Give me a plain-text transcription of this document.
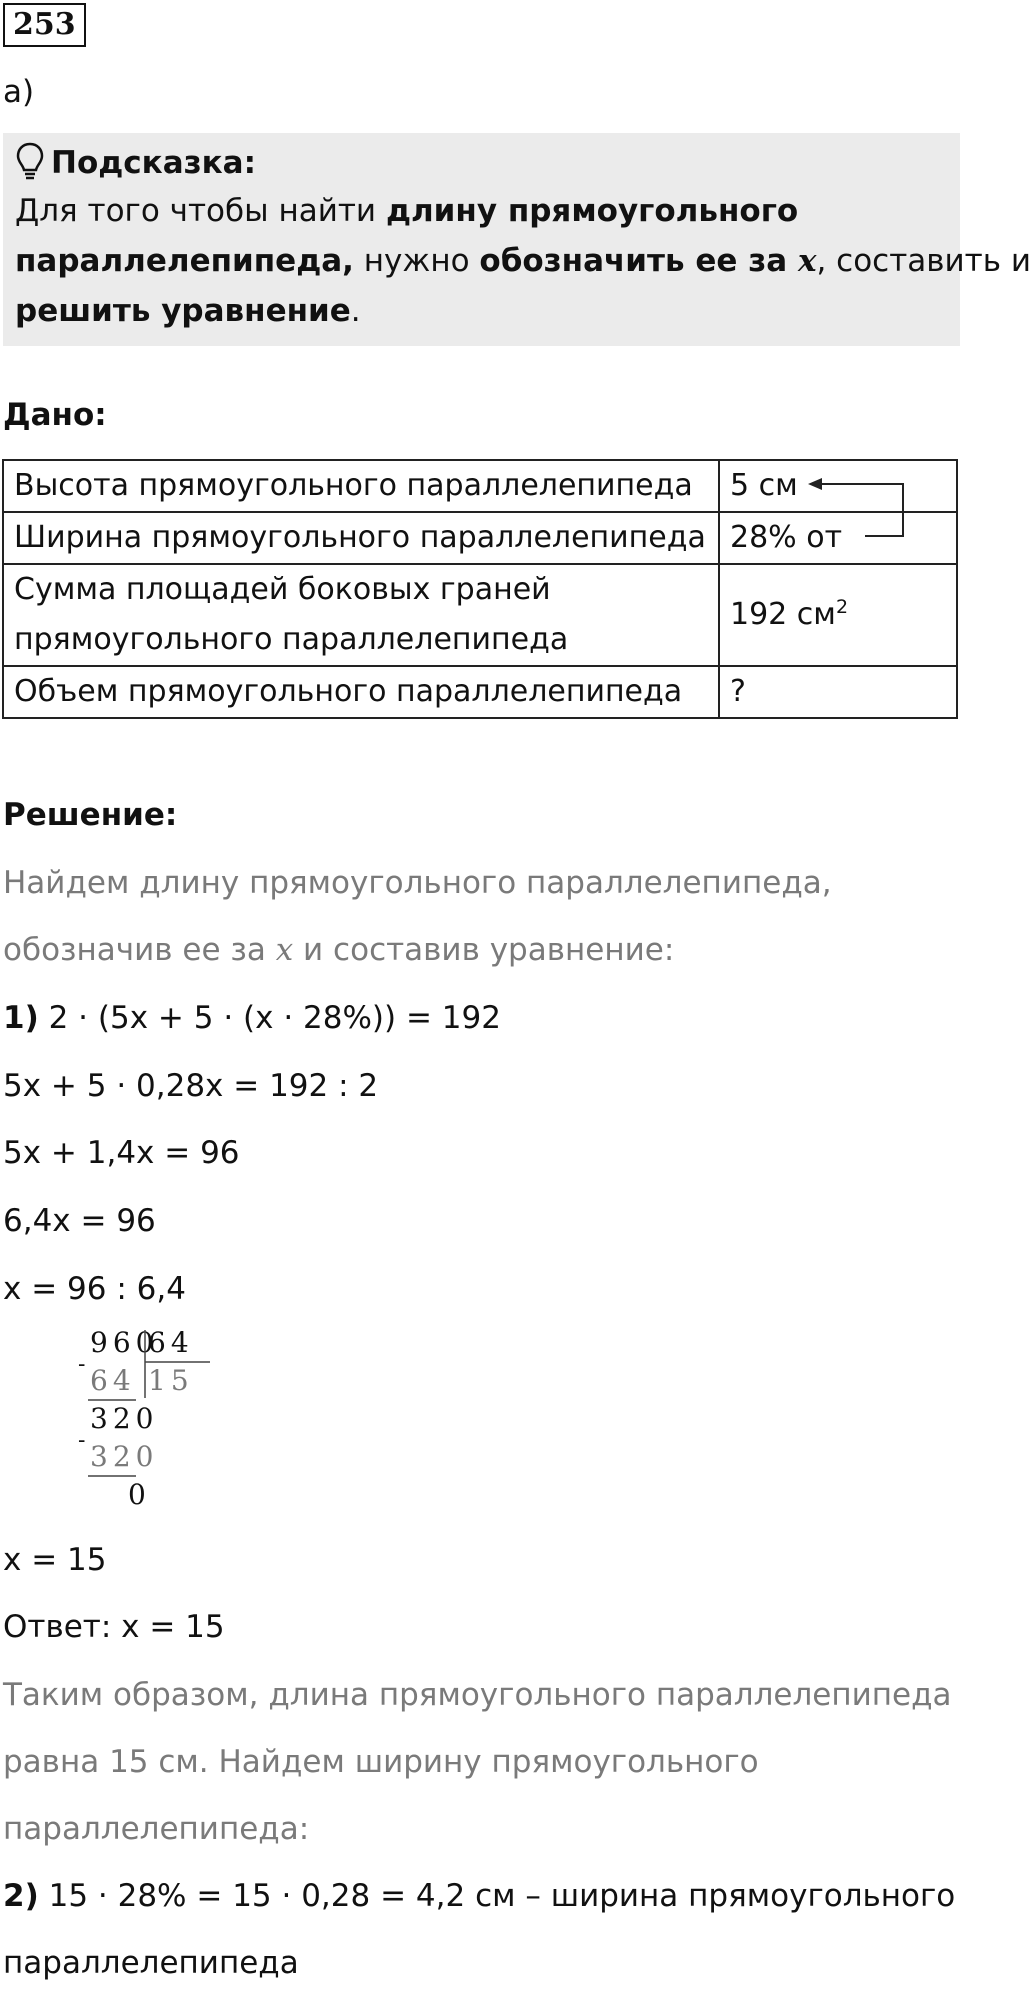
253
а)
Подсказка:
Для того чтобы найти длину прямоугольного
параллелепипеда, нужно обозначить ее за x, составить и
решить уравнение.
Дано:
Высота прямоугольного параллелепипеда	5 см
Ширина прямоугольного параллелепипеда	28% от
Сумма площадей боковых граней
прямоугольного параллелепипеда	192 $см^2$
Объем прямоугольного параллелепипеда	?
Решение:
Найдем длину прямоугольного параллелепипеда,
обозначив ее за x и составив уравнение:
1) 2 · (5x + 5 · (x · 28%)) = 192
5x + 5 · 0,28x = 192 : 2
5x + 1,4x = 96
6,4x = 96
x = 96 : 6,4
960
64
- 64 15
320
- 320
0
x = 15
Ответ: x = 15
Таким образом, длина прямоугольного параллелепипеда
равна 15 см. Найдем ширину прямоугольного
параллелепипеда:
2) 15 · 28% = 15 · 0,28 = 4,2 см – ширина прямоугольного
параллелепипеда
